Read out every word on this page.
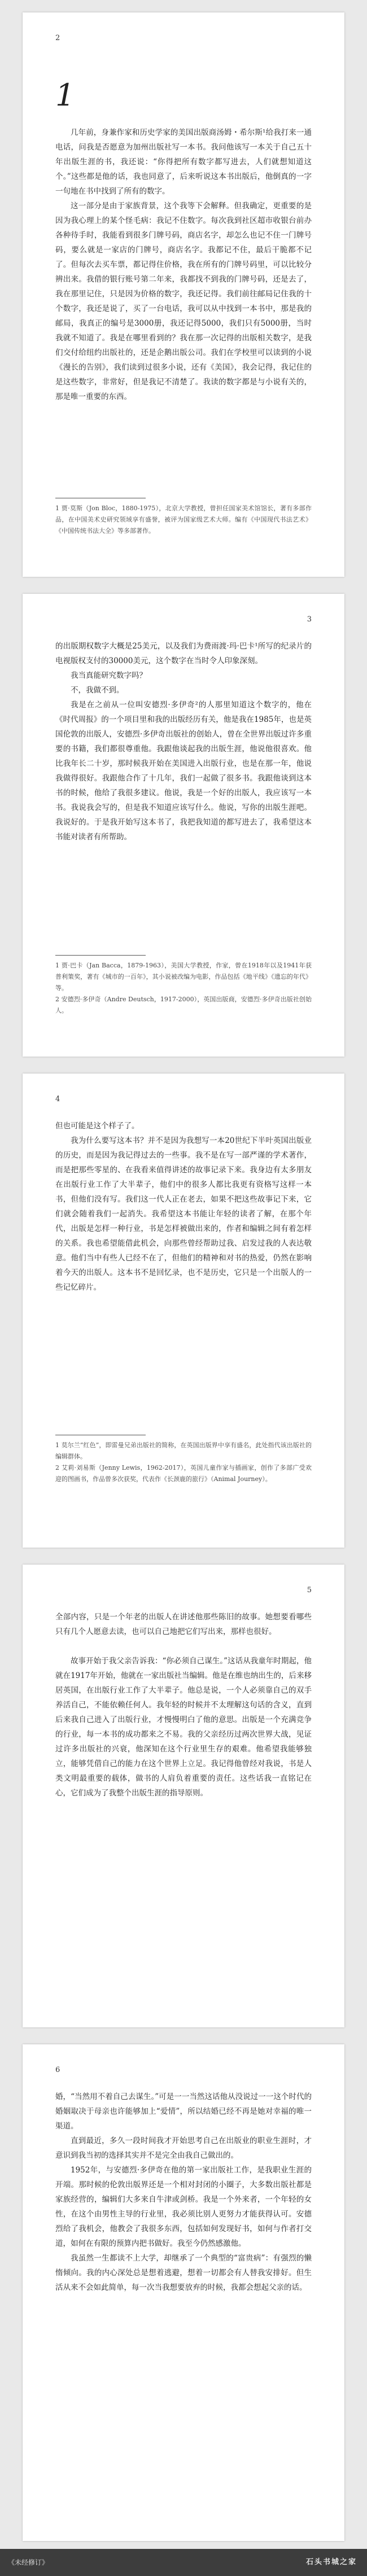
2
1

几年前，身兼作家和历史学家的美国出版商汤姆・希尔斯¹给我打来一通电话，问我是否愿意为加州出版社写一本书。我问他该写一本关于自己五十年出版生涯的书，我还说：“你得把所有数字都写进去，人们就想知道这个。”这些都是他的话，我也同意了，后来听说这本书出版后，他倒真的一字一句地在书中找到了所有的数字。

这一部分是由于家族背景，这个我等下会解释。但我确定，更重要的是因为我心理上的某个怪毛病：我记不住数字。每次我到社区超市收银台前办各种待手时，我能看到很多门牌号码，商店名字，却怎么也记不住一门牌号码，要么就是一家店的门牌号，商店名字。我都记不住，最后干脆都不记了。但每次去买车票，都记得住价格，我在所有的门牌号码里，可以比较分辨出来。我借的银行账号第二年来，我都找不到我的门牌号码，还是去了，我在那里记住，只是因为价格的数字，我还记得。我们前往邮局记住我的十个数字，我还是说了，买了一台电话，我可以从中找到一本书中，那是我的邮局，我真正的编号是3000册，我还记得5000，我们只有5000册，当时我就不知道了。我是在哪里看到的？我在那一次记得的出版相关数字，是我们交付给纽约出版社的，还是企鹅出版公司。我们在学校里可以读到的小说《漫长的告别》，我们读到过很多小说，还有《美国》，我会记得，我记住的是这些数字，非常好，但是我记不清楚了。我读的数字都是与小说有关的，那是唯一重要的东西。

1 贾·莫斯（Jon Bloc，1880-1975），北京大学教授，曾担任国家美术馆馆长，著有多部作品，在中国美术史研究领域享有盛誉，被评为国家级艺术大师。编有《中国现代书法艺术》《中国传统书法大全》等多部著作。

3

的出版期权数字大概是25美元，以及我们为费雨渡·玛·巴卡¹所写的纪录片的电视版权支付的30000美元，这个数字在当时令人印象深刻。

我当真能研究数字吗？

不，我做不到。

我是在之前从一位叫安德烈·多伊奇²的人那里知道这个数字的，他在《时代周报》的一个项目里和我的出版经历有关，他是我在1985年，也是英国伦敦的出版人，安德烈·多伊奇出版社的创始人，曾在全世界出版过许多重要的书籍，我们都很尊重他。我跟他谈起我的出版生涯，他说他很喜欢。他比我年长二十岁，那时候我开始在美国进入出版行业，也是在那一年，他说我做得很好。我跟他合作了十几年，我们一起做了很多书。我跟他谈到这本书的时候，他给了我很多建议。他说，我是一个好的出版人，我应该写一本书。我说我会写的，但是我不知道应该写什么。他说，写你的出版生涯吧。我说好的。于是我开始写这本书了，我把我知道的都写进去了，我希望这本书能对读者有所帮助。

1 贾·巴卡（Jan Bacca，1879-1963），美国大学教授，作家，曾在1918年以及1941年获普利策奖，著有《城市的一百年》，其小说被改编为电影，作品包括《地平线》《遗忘的年代》等。

2 安德烈·多伊奇（Andre Deutsch，1917-2000），英国出版商，安德烈·多伊奇出版社创始人。

4

但也可能是这个样子了。

我为什么要写这本书？并不是因为我想写一本20世纪下半叶英国出版业的历史，而是因为我记得过去的一些事。我不是在写一部严谨的学术著作，而是把那些零星的、在我看来值得讲述的故事记录下来。我身边有太多朋友在出版行业工作了大半辈子，他们中的很多人都比我更有资格写这样一本书，但他们没有写。我们这一代人正在老去，如果不把这些故事记下来，它们就会随着我们一起消失。我希望这本书能让年轻的读者了解，在那个年代，出版是怎样一种行业，书是怎样被做出来的，作者和编辑之间有着怎样的关系。我也希望能借此机会，向那些曾经帮助过我、启发过我的人表达敬意。他们当中有些人已经不在了，但他们的精神和对书的热爱，仍然在影响着今天的出版人。这本书不是回忆录，也不是历史，它只是一个出版人的一些记忆碎片。

1 莫尔兰“红色”，即雷曼兄弟出版社的简称，在英国出版界中享有盛名，此处指代该出版社的编辑群体。

2 艾莉·刘易斯（Jenny Lewis，1962-2017），英国儿童作家与插画家，创作了多部广受欢迎的图画书，作品曾多次获奖，代表作《长颈鹿的旅行》（Animal Journey）。

5

全部内容，只是一个年老的出版人在讲述他那些陈旧的故事。她想要看哪些只有几个人愿意去读，也可以自己地把它们写出来，那样也很好。

故事开始于我父亲告诉我：“你必须自己谋生。”这话从我童年时期起，他就在1917年开始，他就在一家出版社当编辑。他是在维也纳出生的，后来移居英国，在出版行业工作了大半辈子。他总是说，一个人必须靠自己的双手养活自己，不能依赖任何人。我年轻的时候并不太理解这句话的含义，直到后来我自己进入了出版行业，才慢慢明白了他的意思。出版是一个充满竞争的行业，每一本书的成功都来之不易。我的父亲经历过两次世界大战，见证过许多出版社的兴衰，他深知在这个行业里生存的艰难。他希望我能够独立，能够凭借自己的能力在这个世界上立足。我记得他曾经对我说，书是人类文明最重要的载体，做书的人肩负着重要的责任。这些话我一直铭记在心，它们成为了我整个出版生涯的指导原则。

6

婚，“当然用不着自己去谋生。”可是一一当然这话他从没说过一一这个时代的婚姻取决于母亲也许能够加上“爱情”，所以结婚已经不再是她对幸福的唯一渠道。

直到最近，多久一段时间我才开始思考自己在出版业的职业生涯时，才意识到我当初的选择其实并不是完全由我自己做出的。

1952年，与安德烈·多伊奇在他的第一家出版社工作，是我职业生涯的开端。那时候的伦敦出版界还是一个相对封闭的小圈子，大多数出版社都是家族经营的，编辑们大多来自牛津或剑桥。我是一个外来者，一个年轻的女性，在这个由男性主导的行业里，我必须比别人更努力才能获得认可。安德烈给了我机会，他教会了我很多东西，包括如何发现好书，如何与作者打交道，如何在有限的预算内把书做好。我至今仍然感激他。

我虽然一生都读不上大学，却继承了一个典型的“富贵病”：有强烈的懒惰倾向。我的内心深处总是想着逃避，想着一切都会有人替我安排好。但生活从来不会如此简单，每一次当我想要放弃的时候，我都会想起父亲的话。

《未经修订》	石头书城之家
